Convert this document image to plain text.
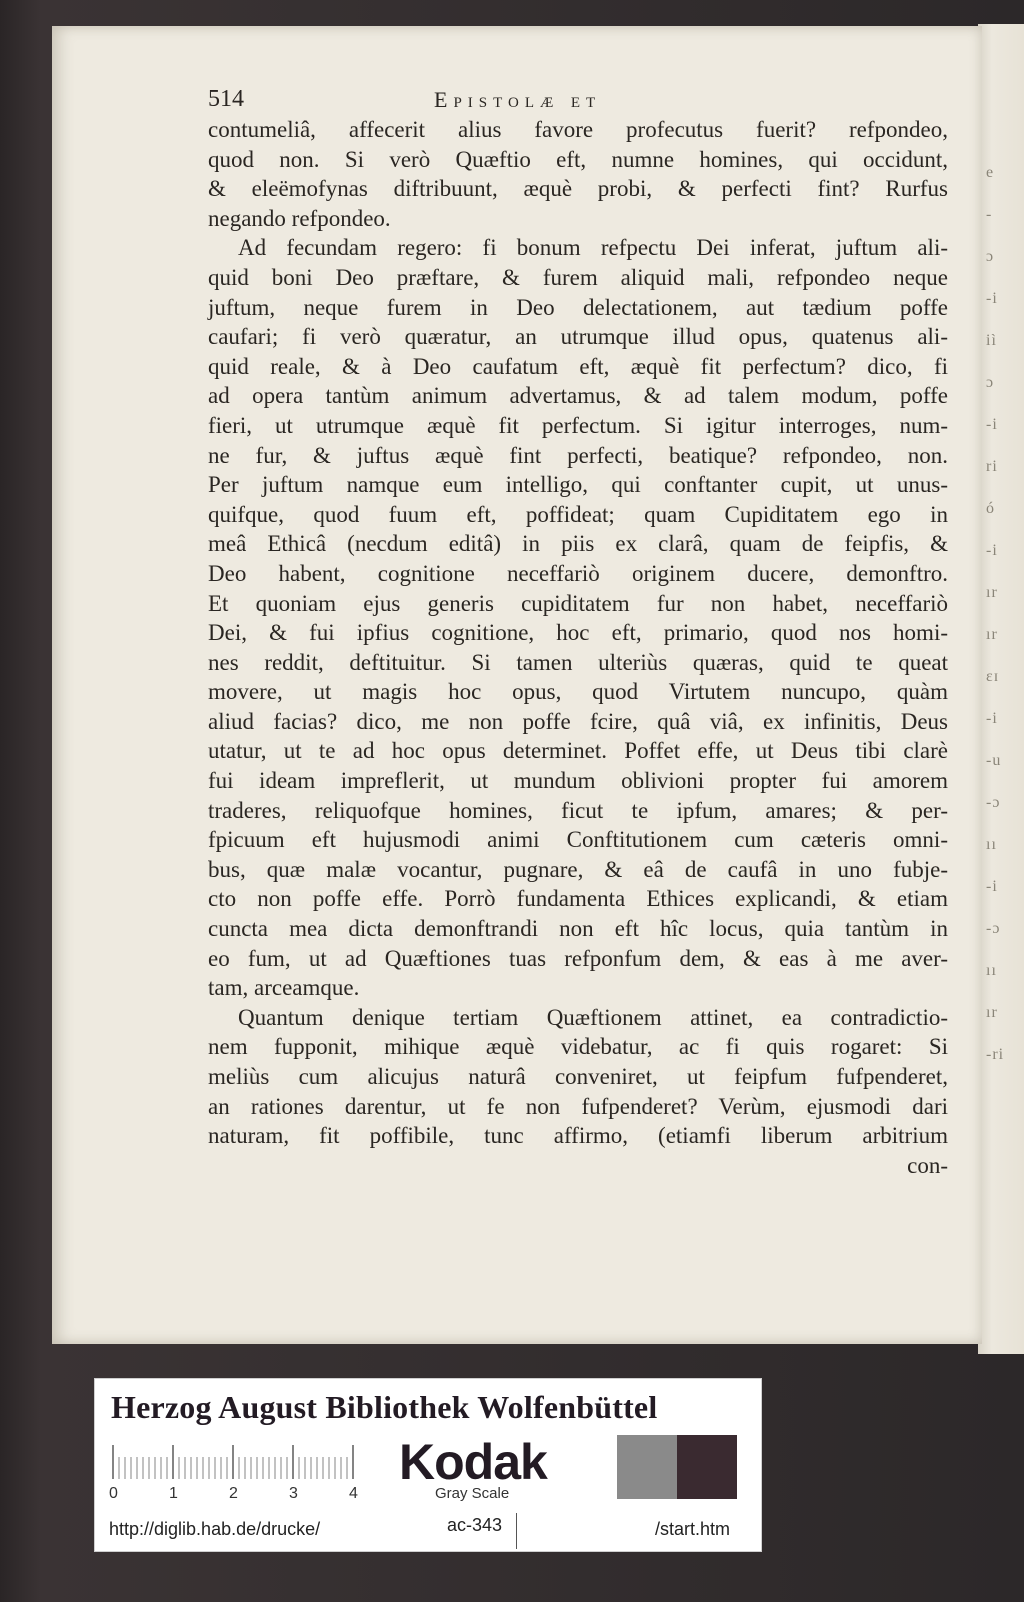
e
-
ɔ
-i
iì
ɔ
-i
ri
ó
-i
ır
ır
ɛɪ
-i
-u
-ɔ
ıı
-i
-ɔ
ıı
ır
-ri
514	Epistolæ et
contumeliâ, affecerit alius favore profecutus fuerit? refpondeo,
quod non. Si verò Quæftio eft, numne homines, qui occidunt,
& eleëmofynas diftribuunt, æquè probi, & perfecti fint? Rurfus
negando refpondeo.
Ad fecundam regero: fi bonum refpectu Dei inferat, juftum ali-
quid boni Deo præftare, & furem aliquid mali, refpondeo neque
juftum, neque furem in Deo delectationem, aut tædium poffe
caufari; fi verò quæratur, an utrumque illud opus, quatenus ali-
quid reale, & à Deo caufatum eft, æquè fit perfectum? dico, fi
ad opera tantùm animum advertamus, & ad talem modum, poffe
fieri, ut utrumque æquè fit perfectum. Si igitur interroges, num-
ne fur, & juftus æquè fint perfecti, beatique? refpondeo, non.
Per juftum namque eum intelligo, qui conftanter cupit, ut unus-
quifque, quod fuum eft, poffideat; quam Cupiditatem ego in
meâ Ethicâ (necdum editâ) in piis ex clarâ, quam de feipfis, &
Deo habent, cognitione neceffariò originem ducere, demonftro.
Et quoniam ejus generis cupiditatem fur non habet, neceffariò
Dei, & fui ipfius cognitione, hoc eft, primario, quod nos homi-
nes reddit, deftituitur. Si tamen ulteriùs quæras, quid te queat
movere, ut magis hoc opus, quod Virtutem nuncupo, quàm
aliud facias? dico, me non poffe fcire, quâ viâ, ex infinitis, Deus
utatur, ut te ad hoc opus determinet. Poffet effe, ut Deus tibi clarè
fui ideam impreflerit, ut mundum oblivioni propter fui amorem
traderes, reliquofque homines, ficut te ipfum, amares; & per-
fpicuum eft hujusmodi animi Conftitutionem cum cæteris omni-
bus, quæ malæ vocantur, pugnare, & eâ de caufâ in uno fubje-
cto non poffe effe. Porrò fundamenta Ethices explicandi, & etiam
cuncta mea dicta demonftrandi non eft hîc locus, quia tantùm in
eo fum, ut ad Quæftiones tuas refponfum dem, & eas à me aver-
tam, arceamque.
Quantum denique tertiam Quæftionem attinet, ea contradictio-
nem fupponit, mihique æquè videbatur, ac fi quis rogaret: Si
meliùs cum alicujus naturâ conveniret, ut feipfum fufpenderet,
an rationes darentur, ut fe non fufpenderet? Verùm, ejusmodi dari
naturam, fit poffibile, tunc affirmo, (etiamfi liberum arbitrium
con-
Herzog August Bibliothek Wolfenbüttel
0	1	2	3	4
Kodak
Gray Scale
http://diglib.hab.de/drucke/	ac-343	/start.htm
